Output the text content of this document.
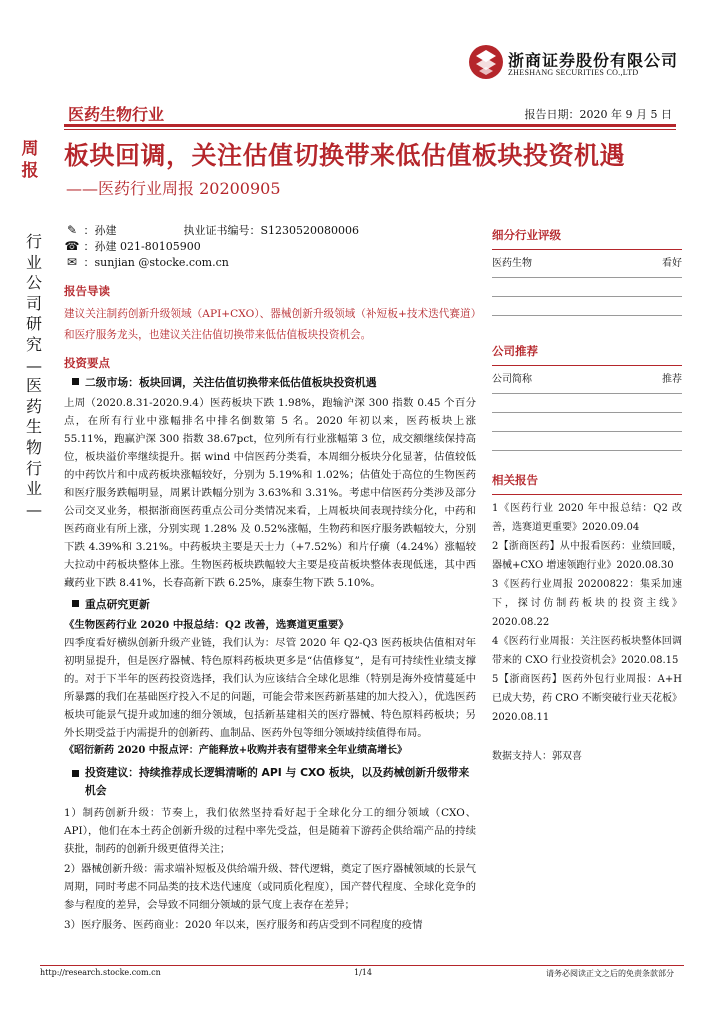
浙商证券股份有限公司
ZHESHANG SECURITIES CO.,LTD
医药生物行业	报告日期：2020 年 9 月 5 日
周报
板块回调，关注估值切换带来低估值板块投资机遇
——医药行业周报 20200905
行业公司研究—医药生物行业—
✎ ：孙建	执业证书编号：S1230520080006
☎ ：孙建 021-80105900
✉ ：sunjian @stocke.com.cn
报告导读
建议关注制药创新升级领域（API+CXO）、器械创新升级领域（补短板+技术迭代赛道）和医疗服务龙头，也建议关注估值切换带来低估值板块投资机会。
投资要点
二级市场：板块回调，关注估值切换带来低估值板块投资机遇
上周（2020.8.31-2020.9.4）医药板块下跌 1.98%，跑输沪深 300 指数 0.45 个百分点，在所有行业中涨幅排名中排名倒数第 5 名。2020 年初以来，医药板块上涨 55.11%，跑赢沪深 300 指数 38.67pct，位列所有行业涨幅第 3 位，成交额继续保持高位，板块溢价率继续提升。据 wind 中信医药分类看，本周细分板块分化显著，估值较低的中药饮片和中成药板块涨幅较好，分别为 5.19%和 1.02%；估值处于高位的生物医药和医疗服务跌幅明显，周累计跌幅分别为 3.63%和 3.31%。考虑中信医药分类涉及部分公司交叉业务，根据浙商医药重点公司分类情况来看，上周板块间表现持续分化，中药和医药商业有所上涨，分别实现 1.28% 及 0.52%涨幅，生物药和医疗服务跌幅较大，分别下跌 4.39%和 3.21%。中药板块主要是天士力（+7.52%）和片仔癀（4.24%）涨幅较大拉动中药板块整体上涨。生物医药板块跌幅较大主要是疫苗板块整体表现低迷，其中西藏药业下跌 8.41%，长春高新下跌 6.25%，康泰生物下跌 5.10%。
重点研究更新
《生物医药行业 2020 中报总结：Q2 改善，选赛道更重要》
四季度看好横纵创新升级产业链，我们认为：尽管 2020 年 Q2-Q3 医药板块估值相对年初明显提升，但是医疗器械、特色原料药板块更多是“估值修复”，是有可持续性业绩支撑的。对于下半年的医药投资选择，我们认为应该结合全球化思维（特别是海外疫情蔓延中所暴露的我们在基础医疗投入不足的问题，可能会带来医药新基建的加大投入），优选医药板块可能景气提升或加速的细分领域，包括新基建相关的医疗器械、特色原料药板块；另外长期受益于内需提升的创新药、血制品、医药外包等细分领域持续值得布局。
《昭衍新药 2020 中报点评：产能释放+收购并表有望带来全年业绩高增长》
投资建议：持续推荐成长逻辑清晰的 API 与 CXO 板块，以及药械创新升级带来机会
1）制药创新升级：节奏上，我们依然坚持看好起于全球化分工的细分领域（CXO、API），他们在本土药企创新升级的过程中率先受益，但是随着下游药企供给端产品的持续获批，制药的创新升级更值得关注；
2）器械创新升级：需求端补短板及供给端升级、替代逻辑，奠定了医疗器械领域的长景气周期，同时考虑不同品类的技术迭代速度（或同质化程度），国产替代程度、全球化竞争的参与程度的差异，会导致不同细分领域的景气度上表存在差异；
3）医疗服务、医药商业：2020 年以来，医疗服务和药店受到不同程度的疫情
细分行业评级
医药生物	看好
公司推荐
公司简称	推荐
相关报告
1《医药行业 2020 年中报总结：Q2 改善，选赛道更重要》2020.09.04
2【浙商医药】从中报看医药：业绩回暖，器械+CXO 增速领跑行业》2020.08.30
3《医药行业周报 20200822：集采加速下，探讨仿制药板块的投资主线》2020.08.22
4《医药行业周报：关注医药板块整体回调带来的 CXO 行业投资机会》2020.08.15
5【浙商医药】医药外包行业周报：A+H 已成大势，药 CRO 不断突破行业天花板》2020.08.11
数据支持人：郭双喜
http://research.stocke.com.cn	1/14	请务必阅读正文之后的免责条款部分
